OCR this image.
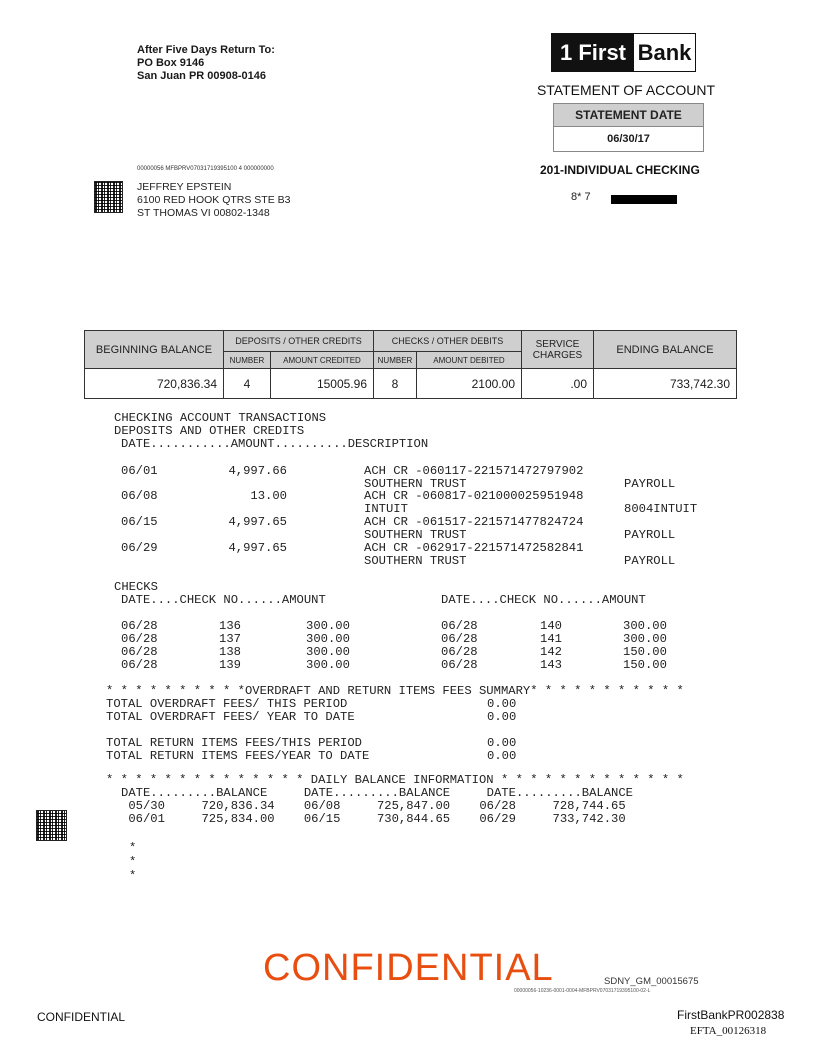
After Five Days Return To:
PO Box 9146
San Juan PR 00908-0146
1 First Bank
STATEMENT OF ACCOUNT
STATEMENT DATE
06/30/17
00000056 MFBPRV07031719395100 4 000000000
JEFFREY EPSTEIN
6100 RED HOOK QTRS STE B3
ST THOMAS VI 00802-1348
201-INDIVIDUAL CHECKING
8* 7
BEGINNING BALANCE	DEPOSITS / OTHER CREDITS		CHECKS / OTHER DEBITS		SERVICE CHARGES	ENDING BALANCE
	NUMBER	AMOUNT CREDITED	NUMBER	AMOUNT DEBITED		
720,836.34	4	15005.96	8	2100.00	.00	733,742.30
CHECKING ACCOUNT TRANSACTIONS
DEPOSITS AND OTHER CREDITS
DATE...........AMOUNT..........DESCRIPTION
06/01	4,997.66	ACH CR -060117-221571472797902
SOUTHERN TRUST	PAYROLL
06/08	13.00	ACH CR -060817-021000025951948
INTUIT	8004INTUIT
06/15	4,997.65	ACH CR -061517-221571477824724
SOUTHERN TRUST	PAYROLL
06/29	4,997.65	ACH CR -062917-221571472582841
SOUTHERN TRUST	PAYROLL
CHECKS
DATE....CHECK NO......AMOUNT	DATE....CHECK NO......AMOUNT
06/28	136	300.00	06/28	140	300.00
06/28	137	300.00	06/28	141	300.00
06/28	138	300.00	06/28	142	150.00
06/28	139	300.00	06/28	143	150.00
* * * * * * * * * *OVERDRAFT AND RETURN ITEMS FEES SUMMARY* * * * * * * * * * *
TOTAL OVERDRAFT FEES/ THIS PERIOD	0.00
TOTAL OVERDRAFT FEES/ YEAR TO DATE	0.00
TOTAL RETURN ITEMS FEES/THIS PERIOD	0.00
TOTAL RETURN ITEMS FEES/YEAR TO DATE	0.00
* * * * * * * * * * * * * * DAILY BALANCE INFORMATION * * * * * * * * * * * * *
DATE.........BALANCE     DATE.........BALANCE     DATE.........BALANCE
05/30     720,836.34    06/08     725,847.00    06/28     728,744.65
06/01     725,834.00    06/15     730,844.65    06/29     733,742.30
*
*
*
CONFIDENTIAL	SDNY_GM_00015675
00000056-10236-0001-0004-MFBPRV07031719395100-02-L
CONFIDENTIAL	FirstBankPR002838
EFTA_00126318
